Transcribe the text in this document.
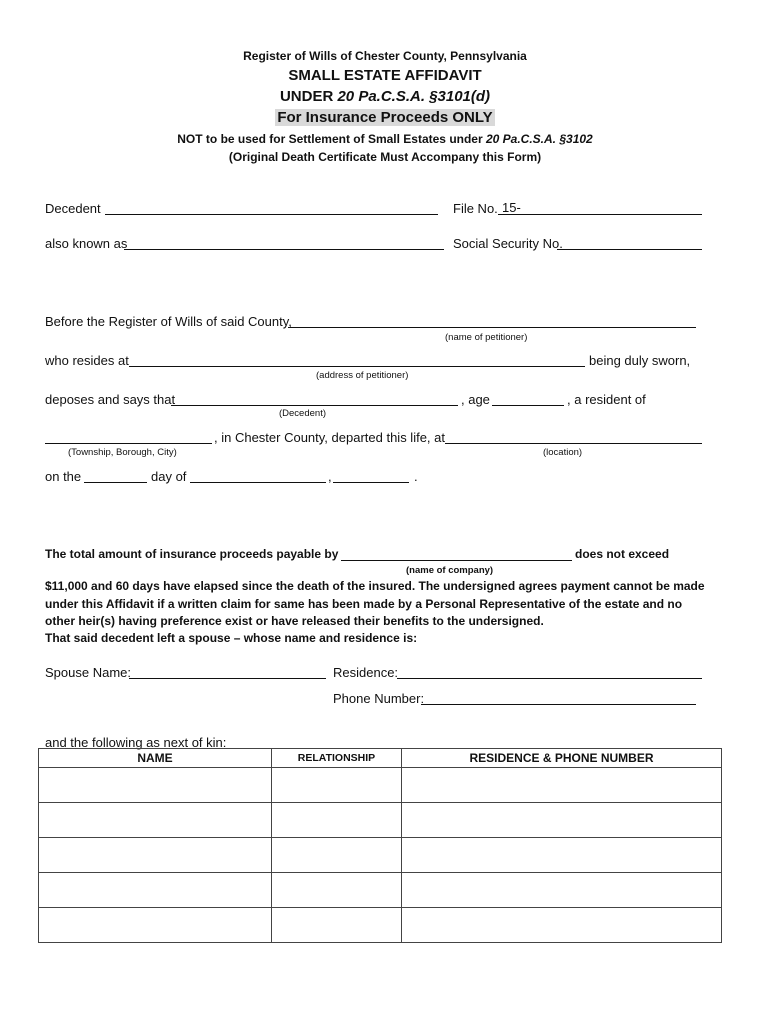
Register of Wills of Chester County, Pennsylvania
SMALL ESTATE AFFIDAVIT
UNDER 20 Pa.C.S.A. §3101(d)
For Insurance Proceeds ONLY
NOT to be used for Settlement of Small Estates under 20 Pa.C.S.A. §3102
(Original Death Certificate Must Accompany this Form)
Decedent	File No. 15-
also known as	Social Security No.
Before the Register of Wills of said County,
(name of petitioner)
who resides at	being duly sworn,
(address of petitioner)
deposes and says that	, age	, a resident of
(Decedent)
, in Chester County, departed this life, at
(Township, Borough, City)	(location)
on the	day of	,	.
The total amount of insurance proceeds payable by	does not exceed
(name of company)
$11,000 and 60 days have elapsed since the death of the insured. The undersigned agrees payment cannot be made
under this Affidavit if a written claim for same has been made by a Personal Representative of the estate and no
other heir(s) having preference exist or have released their benefits to the undersigned.
That said decedent left a spouse – whose name and residence is:
Spouse Name:	Residence:
Phone Number:
and the following as next of kin:
NAME	RELATIONSHIP	RESIDENCE & PHONE NUMBER
